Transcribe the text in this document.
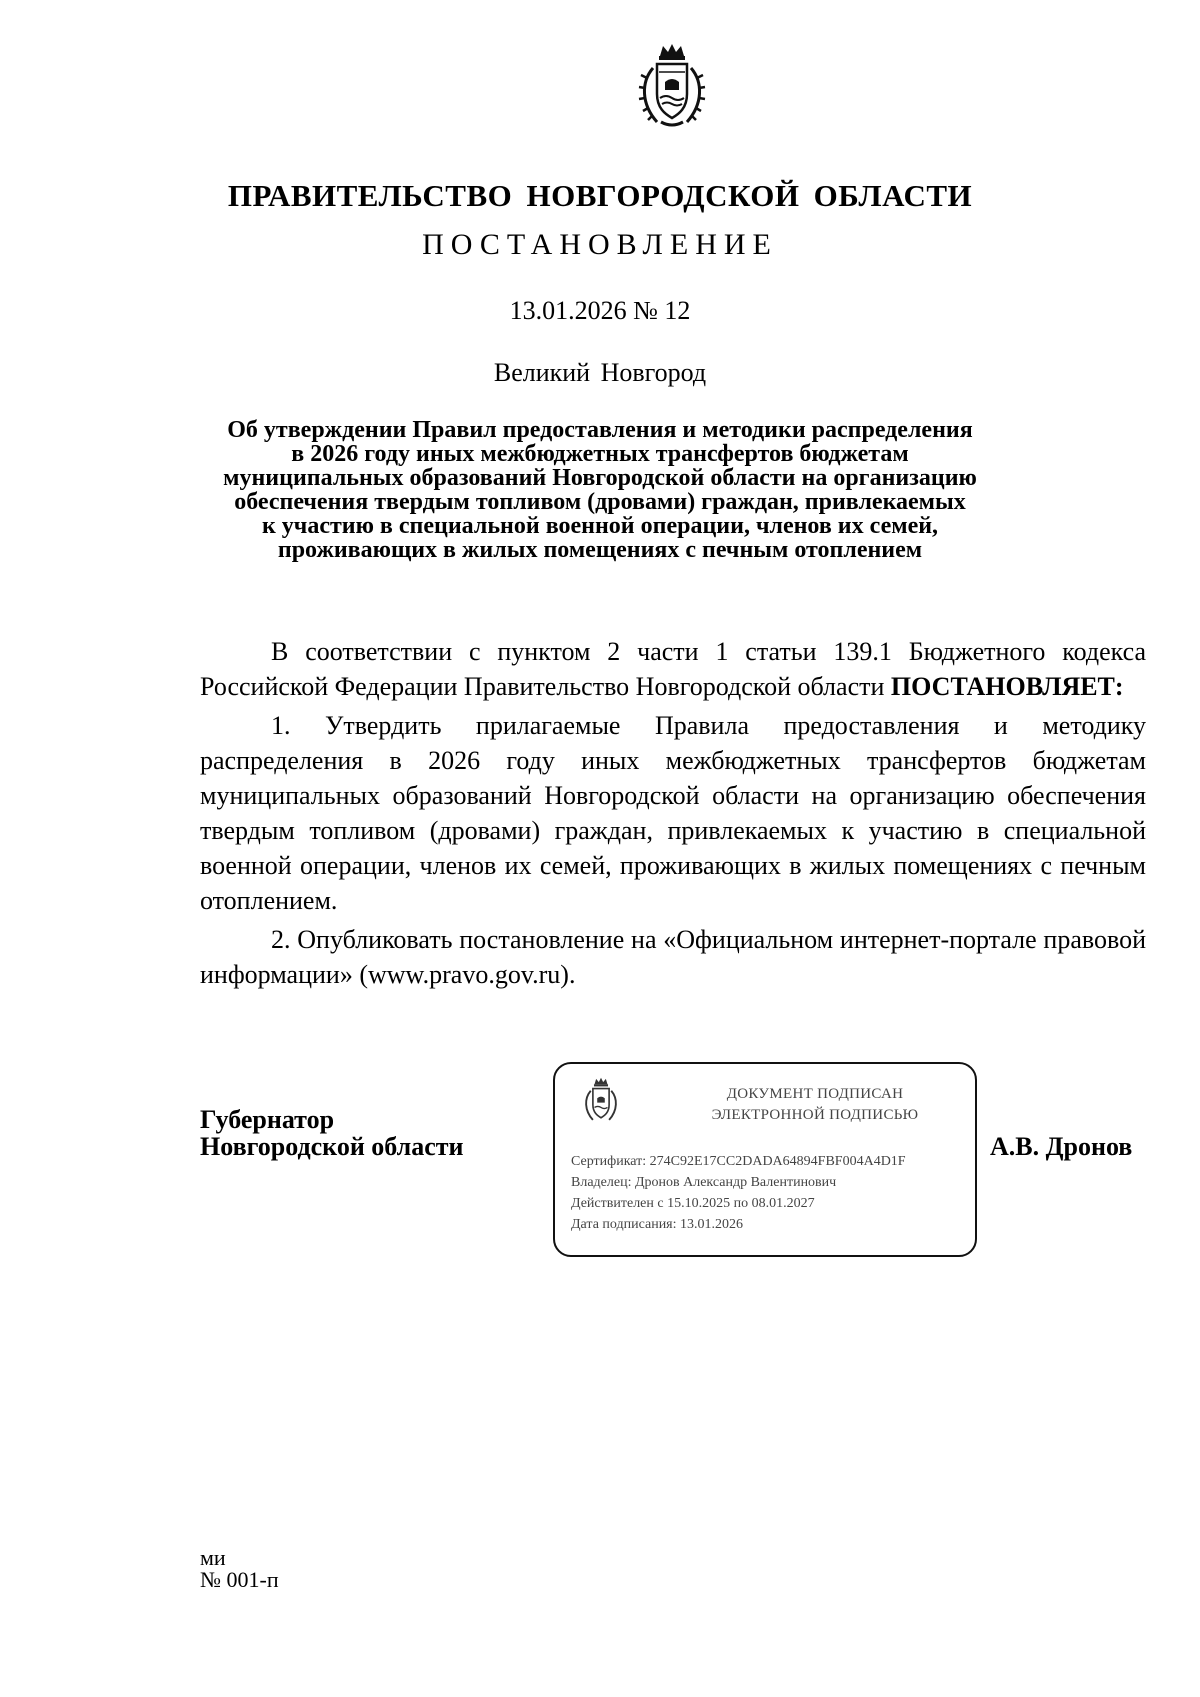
ПРАВИТЕЛЬСТВО НОВГОРОДСКОЙ ОБЛАСТИ
ПОСТАНОВЛЕНИЕ
13.01.2026 № 12
Великий Новгород
Об утверждении Правил предоставления и методики распределения
в 2026 году иных межбюджетных трансфертов бюджетам
муниципальных образований Новгородской области на организацию
обеспечения твердым топливом (дровами) граждан, привлекаемых
к участию в специальной военной операции, членов их семей,
проживающих в жилых помещениях с печным отоплением

В соответствии с пунктом 2 части 1 статьи 139.1 Бюджетного кодекса Российской Федерации Правительство Новгородской области ПОСТАНОВЛЯЕТ:

1. Утвердить прилагаемые Правила предоставления и методику распределения в 2026 году иных межбюджетных трансфертов бюджетам муниципальных образований Новгородской области на организацию обеспечения твердым топливом (дровами) граждан, привлекаемых к участию в специальной военной операции, членов их семей, проживающих в жилых помещениях с печным отоплением.

2. Опубликовать постановление на «Официальном интернет-портале правовой информации» (www.pravo.gov.ru).

Губернатор
Новгородской области
ДОКУМЕНТ ПОДПИСАН
ЭЛЕКТРОННОЙ ПОДПИСЬЮ
Сертификат: 274C92E17CC2DADA64894FBF004A4D1F
Владелец: Дронов Александр Валентинович
Действителен с 15.10.2025 по 08.01.2027
Дата подписания: 13.01.2026
А.В. Дронов
ми
№ 001-п
